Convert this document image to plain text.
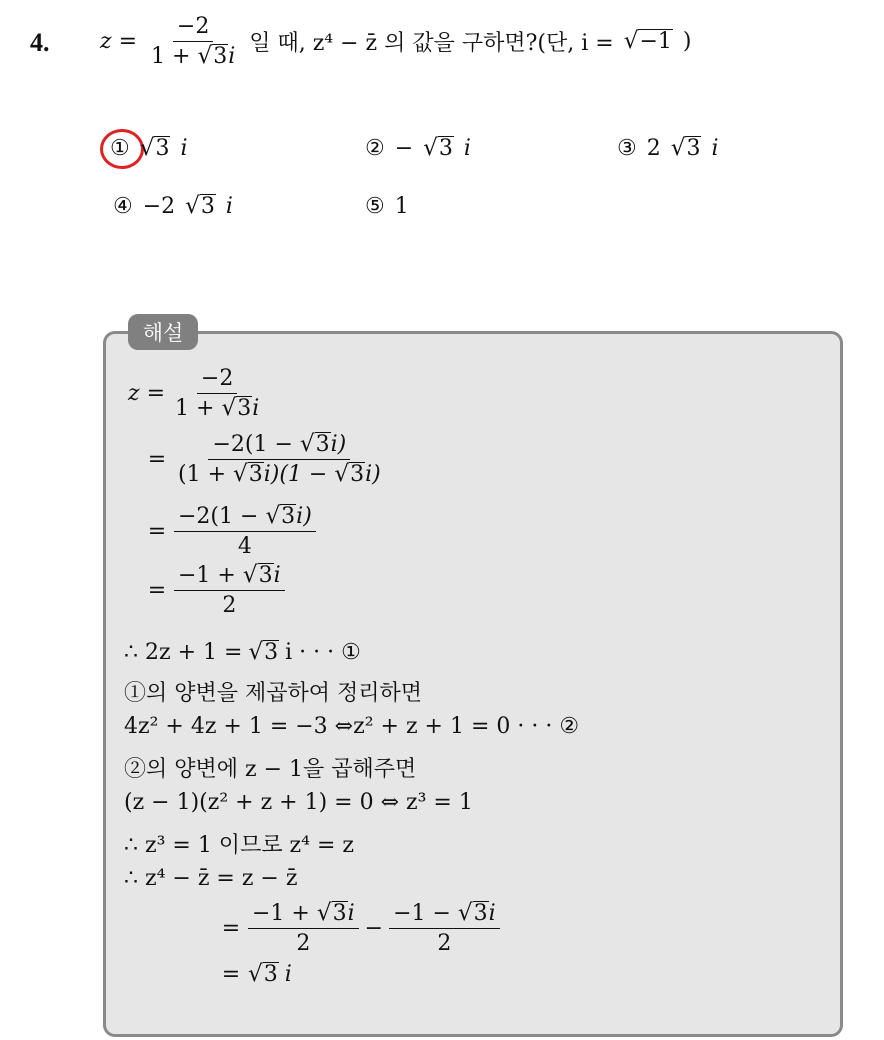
4. $z = \frac{-2}{1 + √ 3 i}$ 일 때, z⁴ − z̄ 의 값을 구하면?(단, i = √ −1 )
① √ 3 i	② − √ 3 i	③ 2 √ 3 i
④ −2 √ 3 i	⑤ 1
해설
$z = \frac{-2}{1 + √ 3 i}$
= $\frac{-2(1 - √ 3 i)}{(1 + √ 3 i)(1 - √ 3 i)}$
= $\frac{-2(1 - √ 3 i)}{4}$
= $\frac{-1 + √ 3 i}{2}$
∴ 2z + 1 = √ 3 i · · · ①
①의 양변을 제곱하여 정리하면
4z² + 4z + 1 = −3 ⇔z² + z + 1 = 0 · · · ②
②의 양변에 z − 1을 곱해주면
(z − 1)(z² + z + 1) = 0 ⇔ z³ = 1
∴ z³ = 1 이므로 z⁴ = z
∴ z⁴ − z̄ = z − z̄
= $\frac{-1 + √ 3 i}{2} - \frac{-1 - √ 3 i}{2}$
= √ 3 i
